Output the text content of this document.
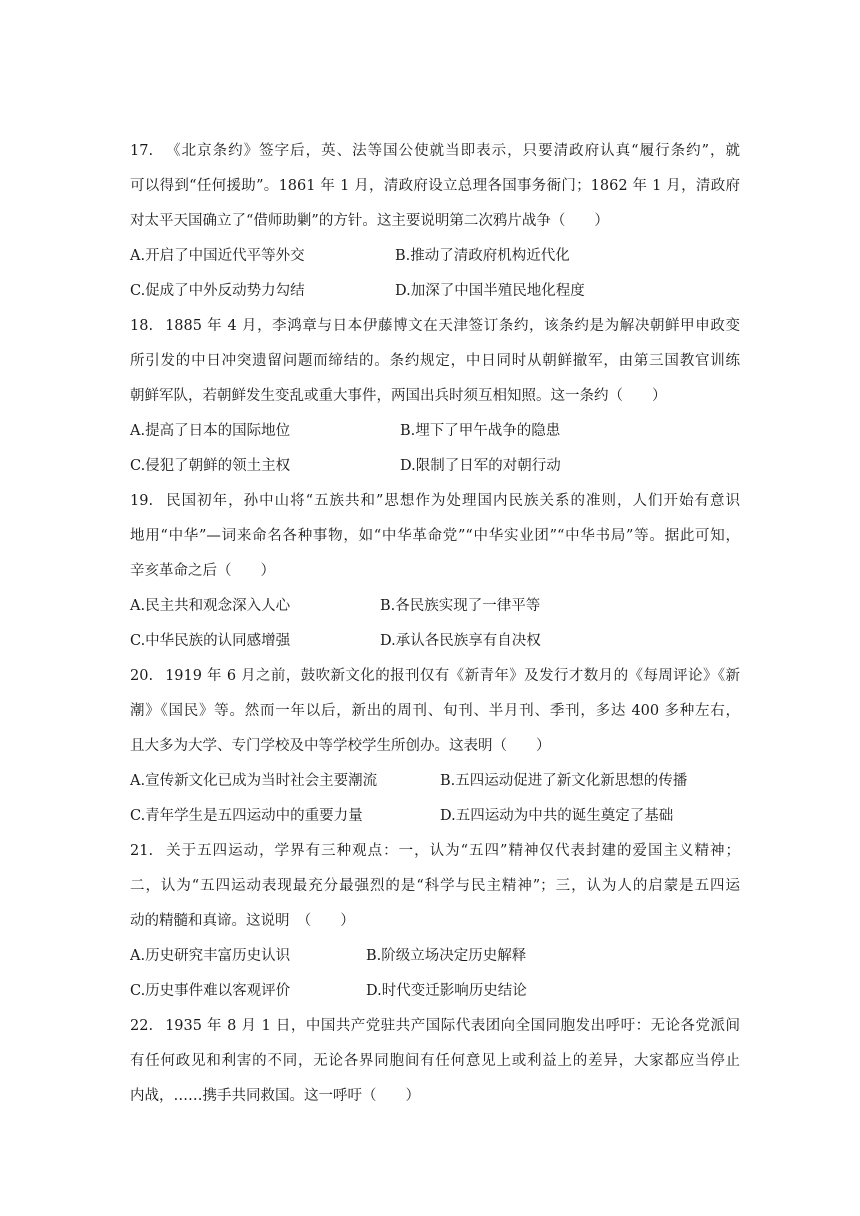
17. 《北京条约》签字后，英、法等国公使就当即表示，只要清政府认真“履行条约”，就
可以得到“任何援助”。1861 年 1 月，清政府设立总理各国事务衙门；1862 年 1 月，清政府
对太平天国确立了“借师助剿”的方针。这主要说明第二次鸦片战争（　　）
A.开启了中国近代平等外交	B.推动了清政府机构近代化
C.促成了中外反动势力勾结	D.加深了中国半殖民地化程度
18. 1885 年 4 月，李鸿章与日本伊藤博文在天津签订条约，该条约是为解决朝鲜甲申政变
所引发的中日冲突遗留问题而缔结的。条约规定，中日同时从朝鲜撤军，由第三国教官训练
朝鲜军队，若朝鲜发生变乱或重大事件，两国出兵时须互相知照。这一条约（　　）
A.提高了日本的国际地位	B.埋下了甲午战争的隐患
C.侵犯了朝鲜的领土主权	D.限制了日军的对朝行动
19. 民国初年，孙中山将“五族共和”思想作为处理国内民族关系的准则，人们开始有意识
地用“中华”—词来命名各种事物，如“中华革命党”“中华实业团”“中华书局”等。据此可知，
辛亥革命之后（　　）
A.民主共和观念深入人心	B.各民族实现了一律平等
C.中华民族的认同感增强	D.承认各民族享有自决权
20. 1919 年 6 月之前，鼓吹新文化的报刊仅有《新青年》及发行才数月的《每周评论》《新
潮》《国民》等。然而一年以后，新出的周刊、旬刊、半月刊、季刊，多达 400 多种左右，
且大多为大学、专门学校及中等学校学生所创办。这表明（　　）
A.宣传新文化已成为当时社会主要潮流	B.五四运动促进了新文化新思想的传播
C.青年学生是五四运动中的重要力量	D.五四运动为中共的诞生奠定了基础
21. 关于五四运动，学界有三种观点：一，认为“五四”精神仅代表封建的爱国主义精神；
二，认为“五四运动表现最充分最强烈的是“科学与民主精神”；三，认为人的启蒙是五四运
动的精髓和真谛。这说明　（　　）
A.历史研究丰富历史认识	B.阶级立场决定历史解释
C.历史事件难以客观评价	D.时代变迁影响历史结论
22. 1935 年 8 月 1 日，中国共产党驻共产国际代表团向全国同胞发出呼吁：无论各党派间
有任何政见和利害的不同，无论各界同胞间有任何意见上或利益上的差异，大家都应当停止
内战，……携手共同救国。这一呼吁（　　）
